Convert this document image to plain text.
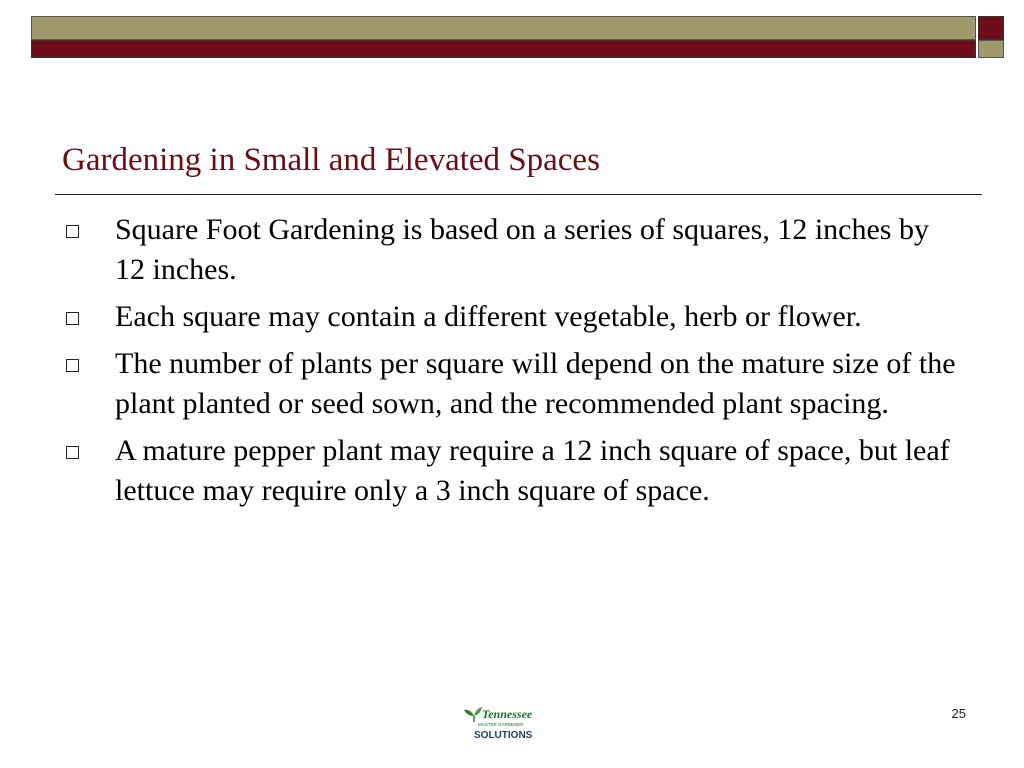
Gardening in Small and Elevated Spaces
Square Foot Gardening is based on a series of squares, 12 inches by 12 inches.
Each square may contain a different vegetable, herb or flower.
The number of plants per square will depend on the mature size of the plant planted or seed sown, and the recommended plant spacing.
A mature pepper plant may require a 12 inch square of space, but leaf lettuce may require only a 3 inch square of space.
Tennessee
MASTER GARDENER
SOLUTIONS
25
